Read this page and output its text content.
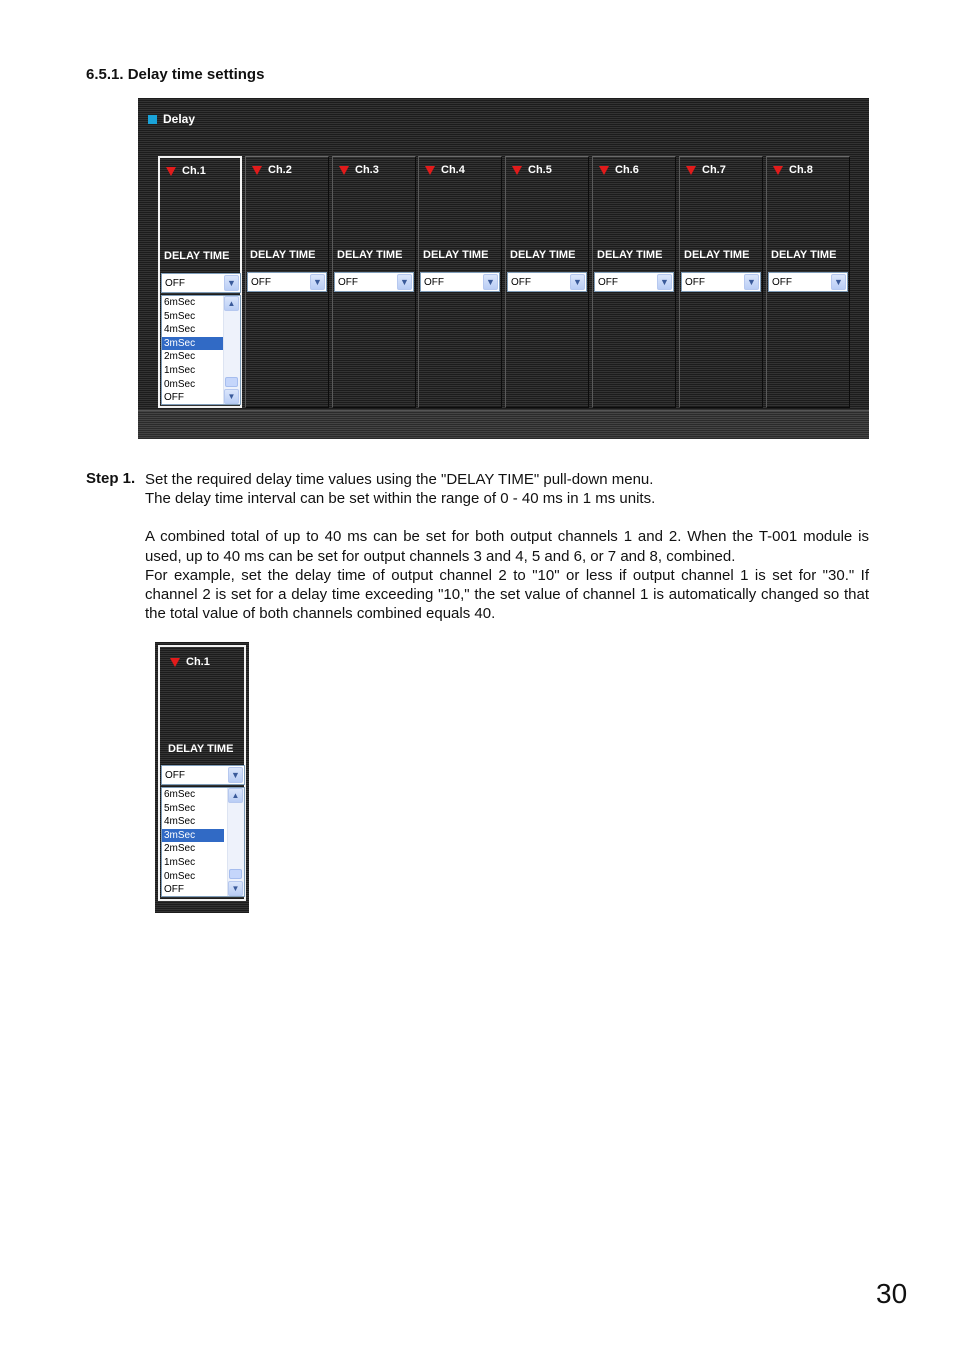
6.5.1. Delay time settings
Delay
Ch.1
DELAY TIME
OFF	▼
6mSec
5mSec
4mSec
3mSec
2mSec
1mSec
0mSec
OFF
▲
▼
Ch.2
DELAY TIME
OFF	▼
Ch.3
DELAY TIME
OFF	▼
Ch.4
DELAY TIME
OFF	▼
Ch.5
DELAY TIME
OFF	▼
Ch.6
DELAY TIME
OFF	▼
Ch.7
DELAY TIME
OFF	▼
Ch.8
DELAY TIME
OFF	▼
Step 1. Set the required delay time values using the "DELAY TIME" pull-down menu.

The delay time interval can be set within the range of 0 - 40 ms in 1 ms units.

A combined total of up to 40 ms can be set for both output channels 1 and 2. When the T-001 module is used, up to 40 ms can be set for output channels 3 and 4, 5 and 6, or 7 and 8, combined.

For example, set the delay time of output channel 2 to "10" or less if output channel 1 is set for "30." If channel 2 is set for a delay time exceeding "10," the set value of channel 1 is automatically changed so that the total value of both channels combined equals 40.

Ch.1
DELAY TIME
OFF	▼
6mSec
5mSec
4mSec
3mSec
2mSec
1mSec
0mSec
OFF
▲
▼
30
